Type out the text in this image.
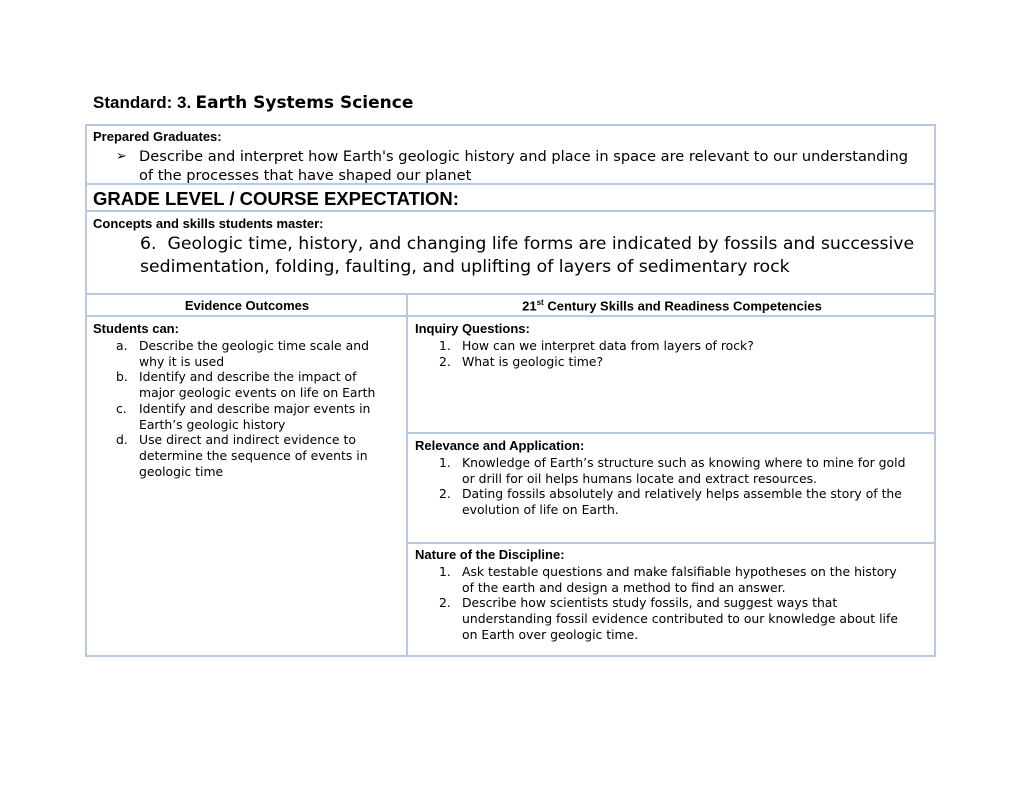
Standard: 3. Earth Systems Science
Prepared Graduates:
➢ Describe and interpret how Earth's geologic history and place in space are relevant to our understanding of the processes that have shaped our planet
GRADE LEVEL / COURSE EXPECTATION:
Concepts and skills students master:
6. Geologic time, history, and changing life forms are indicated by fossils and successive sedimentation, folding, faulting, and uplifting of layers of sedimentary rock
Evidence Outcomes	21st Century Skills and Readiness Competencies
Students can:
a. Describe the geologic time scale and
why it is used
b. Identify and describe the impact of
major geologic events on life on Earth
c. Identify and describe major events in
Earth’s geologic history
d. Use direct and indirect evidence to
determine the sequence of events in
geologic time
Inquiry Questions:
1. How can we interpret data from layers of rock?
2. What is geologic time?
Relevance and Application:
1. Knowledge of Earth’s structure such as knowing where to mine for gold
or drill for oil helps humans locate and extract resources.
2. Dating fossils absolutely and relatively helps assemble the story of the
evolution of life on Earth.
Nature of the Discipline:
1. Ask testable questions and make falsifiable hypotheses on the history
of the earth and design a method to find an answer.
2. Describe how scientists study fossils, and suggest ways that
understanding fossil evidence contributed to our knowledge about life
on Earth over geologic time.
